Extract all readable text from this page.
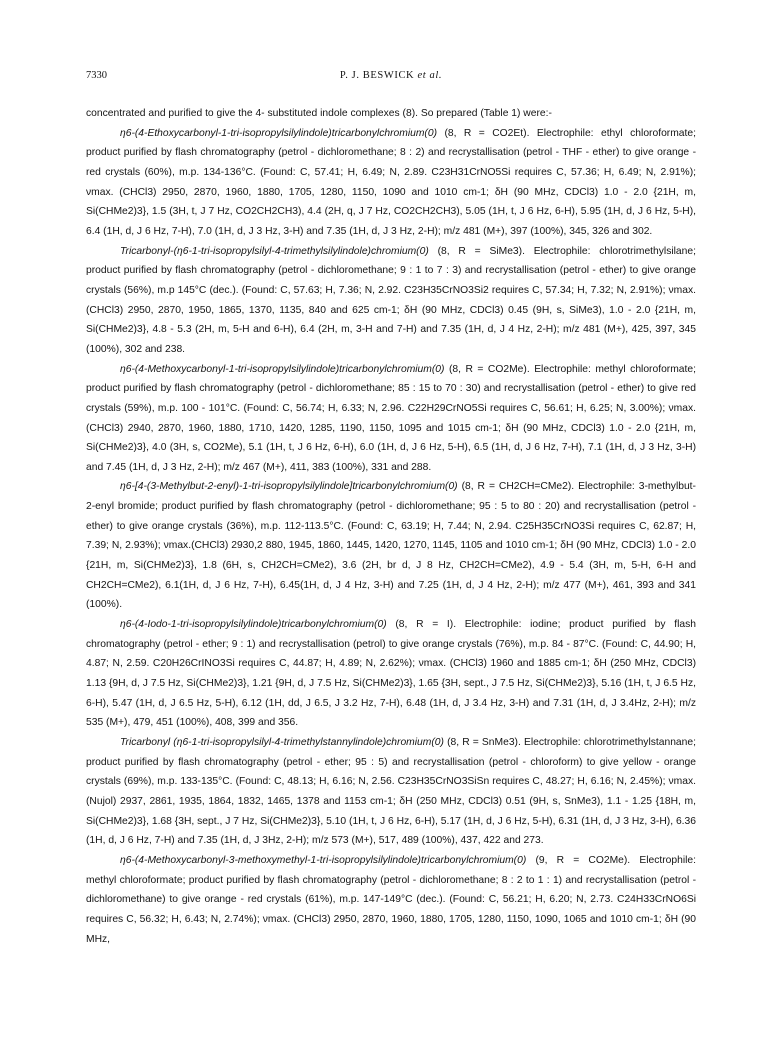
7330	P. J. BESWICK et al.

concentrated and purified to give the 4- substituted indole complexes (8). So prepared (Table 1) were:-

η6-(4-Ethoxycarbonyl-1-tri-isopropylsilylindole)tricarbonylchromium(0) (8, R = CO2Et). Electrophile: ethyl chloroformate; product purified by flash chromatography (petrol - dichloromethane; 8 : 2) and recrystallisation (petrol - THF - ether) to give orange - red crystals (60%), m.p. 134-136°C. (Found: C, 57.41; H, 6.49; N, 2.89. C23H31CrNO5Si requires C, 57.36; H, 6.49; N, 2.91%); νmax. (CHCl3) 2950, 2870, 1960, 1880, 1705, 1280, 1150, 1090 and 1010 cm-1; δH (90 MHz, CDCl3) 1.0 - 2.0 {21H, m, Si(CHMe2)3}, 1.5 (3H, t, J 7 Hz, CO2CH2CH3), 4.4 (2H, q, J 7 Hz, CO2CH2CH3), 5.05 (1H, t, J 6 Hz, 6-H), 5.95 (1H, d, J 6 Hz, 5-H), 6.4 (1H, d, J 6 Hz, 7-H), 7.0 (1H, d, J 3 Hz, 3-H) and 7.35 (1H, d, J 3 Hz, 2-H); m/z 481 (M+), 397 (100%), 345, 326 and 302.

Tricarbonyl-(η6-1-tri-isopropylsilyl-4-trimethylsilylindole)chromium(0) (8, R = SiMe3). Electrophile: chlorotrimethylsilane; product purified by flash chromatography (petrol - dichloromethane; 9 : 1 to 7 : 3) and recrystallisation (petrol - ether) to give orange crystals (56%), m.p 145°C (dec.). (Found: C, 57.63; H, 7.36; N, 2.92. C23H35CrNO3Si2 requires C, 57.34; H, 7.32; N, 2.91%); νmax. (CHCl3) 2950, 2870, 1950, 1865, 1370, 1135, 840 and 625 cm-1; δH (90 MHz, CDCl3) 0.45 (9H, s, SiMe3), 1.0 - 2.0 {21H, m, Si(CHMe2)3}, 4.8 - 5.3 (2H, m, 5-H and 6-H), 6.4 (2H, m, 3-H and 7-H) and 7.35 (1H, d, J 4 Hz, 2-H); m/z 481 (M+), 425, 397, 345 (100%), 302 and 238.

η6-(4-Methoxycarbonyl-1-tri-isopropylsilylindole)tricarbonylchromium(0) (8, R = CO2Me). Electrophile: methyl chloroformate; product purified by flash chromatography (petrol - dichloromethane; 85 : 15 to 70 : 30) and recrystallisation (petrol - ether) to give red crystals (59%), m.p. 100 - 101°C. (Found: C, 56.74; H, 6.33; N, 2.96. C22H29CrNO5Si requires C, 56.61; H, 6.25; N, 3.00%); νmax. (CHCl3) 2940, 2870, 1960, 1880, 1710, 1420, 1285, 1190, 1150, 1095 and 1015 cm-1; δH (90 MHz, CDCl3) 1.0 - 2.0 {21H, m, Si(CHMe2)3}, 4.0 (3H, s, CO2Me), 5.1 (1H, t, J 6 Hz, 6-H), 6.0 (1H, d, J 6 Hz, 5-H), 6.5 (1H, d, J 6 Hz, 7-H), 7.1 (1H, d, J 3 Hz, 3-H) and 7.45 (1H, d, J 3 Hz, 2-H); m/z 467 (M+), 411, 383 (100%), 331 and 288.

η6-[4-(3-Methylbut-2-enyl)-1-tri-isopropylsilylindole]tricarbonylchromium(0) (8, R = CH2CH=CMe2). Electrophile: 3-methylbut-2-enyl bromide; product purified by flash chromatography (petrol - dichloromethane; 95 : 5 to 80 : 20) and recrystallisation (petrol - ether) to give orange crystals (36%), m.p. 112-113.5°C. (Found: C, 63.19; H, 7.44; N, 2.94. C25H35CrNO3Si requires C, 62.87; H, 7.39; N, 2.93%); νmax.(CHCl3) 2930,2 880, 1945, 1860, 1445, 1420, 1270, 1145, 1105 and 1010 cm-1; δH (90 MHz, CDCl3) 1.0 - 2.0 {21H, m, Si(CHMe2)3}, 1.8 (6H, s, CH2CH=CMe2), 3.6 (2H, br d, J 8 Hz, CH2CH=CMe2), 4.9 - 5.4 (3H, m, 5-H, 6-H and CH2CH=CMe2), 6.1(1H, d, J 6 Hz, 7-H), 6.45(1H, d, J 4 Hz, 3-H) and 7.25 (1H, d, J 4 Hz, 2-H); m/z 477 (M+), 461, 393 and 341 (100%).

η6-(4-Iodo-1-tri-isopropylsilylindole)tricarbonylchromium(0) (8, R = I). Electrophile: iodine; product purified by flash chromatography (petrol - ether; 9 : 1) and recrystallisation (petrol) to give orange crystals (76%), m.p. 84 - 87°C. (Found: C, 44.90; H, 4.87; N, 2.59. C20H26CrINO3Si requires C, 44.87; H, 4.89; N, 2.62%); νmax. (CHCl3) 1960 and 1885 cm-1; δH (250 MHz, CDCl3) 1.13 {9H, d, J 7.5 Hz, Si(CHMe2)3}, 1.21 {9H, d, J 7.5 Hz, Si(CHMe2)3}, 1.65 {3H, sept., J 7.5 Hz, Si(CHMe2)3}, 5.16 (1H, t, J 6.5 Hz, 6-H), 5.47 (1H, d, J 6.5 Hz, 5-H), 6.12 (1H, dd, J 6.5, J 3.2 Hz, 7-H), 6.48 (1H, d, J 3.4 Hz, 3-H) and 7.31 (1H, d, J 3.4Hz, 2-H); m/z 535 (M+), 479, 451 (100%), 408, 399 and 356.

Tricarbonyl (η6-1-tri-isopropylsilyl-4-trimethylstannylindole)chromium(0) (8, R = SnMe3). Electrophile: chlorotrimethylstannane; product purified by flash chromatography (petrol - ether; 95 : 5) and recrystallisation (petrol - chloroform) to give yellow - orange crystals (69%), m.p. 133-135°C. (Found: C, 48.13; H, 6.16; N, 2.56. C23H35CrNO3SiSn requires C, 48.27; H, 6.16; N, 2.45%); νmax. (Nujol) 2937, 2861, 1935, 1864, 1832, 1465, 1378 and 1153 cm-1; δH (250 MHz, CDCl3) 0.51 (9H, s, SnMe3), 1.1 - 1.25 {18H, m, Si(CHMe2)3}, 1.68 {3H, sept., J 7 Hz, Si(CHMe2)3}, 5.10 (1H, t, J 6 Hz, 6-H), 5.17 (1H, d, J 6 Hz, 5-H), 6.31 (1H, d, J 3 Hz, 3-H), 6.36 (1H, d, J 6 Hz, 7-H) and 7.35 (1H, d, J 3Hz, 2-H); m/z 573 (M+), 517, 489 (100%), 437, 422 and 273.

η6-(4-Methoxycarbonyl-3-methoxymethyl-1-tri-isopropylsilylindole)tricarbonylchromium(0) (9, R = CO2Me). Electrophile: methyl chloroformate; product purified by flash chromatography (petrol - dichloromethane; 8 : 2 to 1 : 1) and recrystallisation (petrol - dichloromethane) to give orange - red crystals (61%), m.p. 147-149°C (dec.). (Found: C, 56.21; H, 6.20; N, 2.73. C24H33CrNO6Si requires C, 56.32; H, 6.43; N, 2.74%); νmax. (CHCl3) 2950, 2870, 1960, 1880, 1705, 1280, 1150, 1090, 1065 and 1010 cm-1; δH (90 MHz,
